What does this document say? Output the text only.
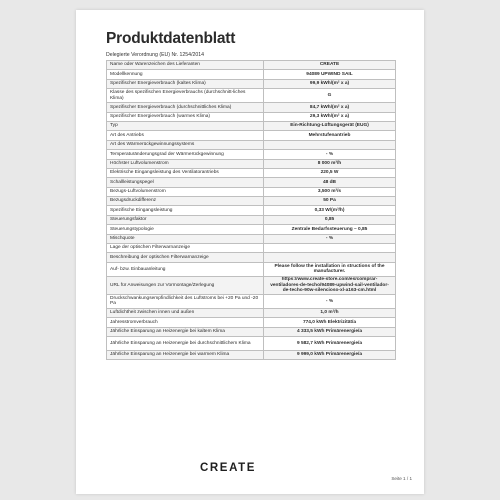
Produktdatenblatt
Delegierte Verordnung (EU) Nr. 1254/2014
Name oder Warenzeichen des Lieferanten	CREATE
Modellkennung	94089 UPWIND SAIL
Spezifischer Energieverbrauch (kaltes Klima)	99,9 kWh/(m² x a)
Klasse des spezifischen Energieverbrauchs (durchschnitt-liches Klima)	G
Spezifischer Energieverbrauch (durchschnittliches Klima)	84,7 kWh/(m² x a)
Spezifischer Energieverbrauch (warmes Klima)	29,3 kWh/(m² x a)
Typ	Ein-Richtung-Lüftungsgerät (EUG)
Art des Antriebs	Mehrstufenantrieb
Art des Wärmerückgewinnungssystems	
Temperaturänderungsgrad der Wärmerückgewinnung	- %
Höchster Luftvolumenstrom	8 000 m³/h
Elektrische Eingangsleistung des Ventilatorantriebs	220,5 W
Schallleistungspegel	48 dB
Bezugs-Luftvolumenstrom	3,500 m³/s
Bezugsdruckdifferenz	50 Pa
Spezifische Eingangsleistung	0,33 W/(m³/h)
Steuerungsfaktor	0,85
Steuerungstypologie	Zentrale Bedarfssteuerung – 0,85
Mischquote	- %
Lage der optischen Filterwarnanzeige	
Beschreibung der optischen Filterwarnanzeige	
Auf- bzw. Einbauanleitung	Please follow the installation in structions of the manufacturer.
URL für Anweisungen zur Vormontage/Zerlegung	https://www.create-store.com/es/comprar-ventiladores-de-techo/94089-upwind-sail-ventilador-de-techo-90w-silencioso-xl-a163-cm.html
Druckschwankungsempfindlichkeit des Luftstroms bei +20 Pa und -20 Pa	- %
Luftdichtheit zwischen innen und außen	1,0 m³/h
Jahresstromverbrauch	774,0 kWh Elektrizität/a
Jährliche Einsparung an Heizenergie bei kaltem Klima	4 333,5 kWh Primärenergie/a
Jährliche Einsparung an Heizenergie bei durchschnittlichem Klima	9 582,7 kWh Primärenergie/a
Jährliche Einsparung an Heizenergie bei warmem Klima	9 999,0 kWh Primärenergie/a
CREATE
Seite 1 / 1
